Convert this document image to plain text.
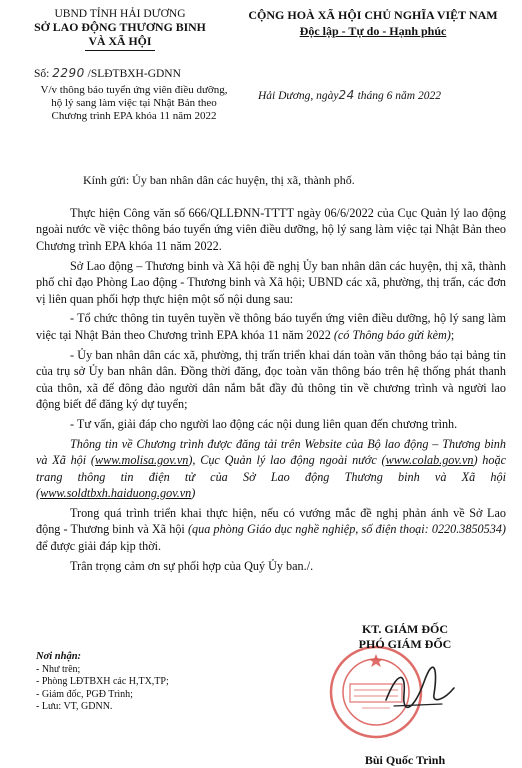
UBND TỈNH HẢI DƯƠNG
SỞ LAO ĐỘNG THƯƠNG BINH
VÀ XÃ HỘI
CỘNG HOÀ XÃ HỘI CHỦ NGHĨA VIỆT NAM
Độc lập - Tự do - Hạnh phúc
Số: 2290 /SLĐTBXH-GDNN
V/v thông báo tuyển ứng viên điều dưỡng,
hộ lý sang làm việc tại Nhật Bản theo
Chương trình EPA khóa 11 năm 2022
Hải Dương, ngày24 tháng 6 năm 2022
Kính gửi: Ủy ban nhân dân các huyện, thị xã, thành phố.

Thực hiện Công văn số 666/QLLĐNN-TTTT ngày 06/6/2022 của Cục Quản lý lao động ngoài nước về việc thông báo tuyển ứng viên điều dưỡng, hộ lý sang làm việc tại Nhật Bản theo Chương trình EPA khóa 11 năm 2022.

Sở Lao động – Thương binh và Xã hội đề nghị Ủy ban nhân dân các huyện, thị xã, thành phố chỉ đạo Phòng Lao động - Thương binh và Xã hội; UBND các xã, phường, thị trấn, các đơn vị liên quan phối hợp thực hiện một số nội dung sau:

- Tổ chức thông tin tuyên tuyền về thông báo tuyển ứng viên điều dưỡng, hộ lý sang làm việc tại Nhật Bản theo Chương trình EPA khóa 11 năm 2022 (có Thông báo gửi kèm);

- Ủy ban nhân dân các xã, phường, thị trấn triển khai dán toàn văn thông báo tại bảng tin của trụ sở Ủy ban nhân dân. Đồng thời đăng, đọc toàn văn thông báo trên hệ thống phát thanh của thôn, xã để đông đảo người dân nắm bắt đầy đủ thông tin về chương trình và người lao động biết để đăng ký dự tuyển;

- Tư vấn, giải đáp cho người lao động các nội dung liên quan đến chương trình.

Thông tin về Chương trình được đăng tải trên Website của Bộ lao động – Thương binh và Xã hội (www.molisa.gov.vn), Cục Quản lý lao động ngoài nước (www.colab.gov.vn) hoặc trang thông tin điện tử của Sở Lao động Thương binh và Xã hội (www.soldtbxh.haiduong.gov.vn)

Trong quá trình triển khai thực hiện, nếu có vướng mắc đề nghị phản ánh về Sở Lao động - Thương binh và Xã hội (qua phòng Giáo dục nghề nghiệp, số điện thoại: 0220.3850534) để được giải đáp kịp thời.

Trân trọng cảm ơn sự phối hợp của Quý Ủy ban./.

Nơi nhận:
- Như trên;
- Phòng LĐTBXH các H,TX,TP;
- Giám đốc, PGĐ Trình;
- Lưu: VT, GDNN.
KT. GIÁM ĐỐC
PHÓ GIÁM ĐỐC
Bùi Quốc Trình
